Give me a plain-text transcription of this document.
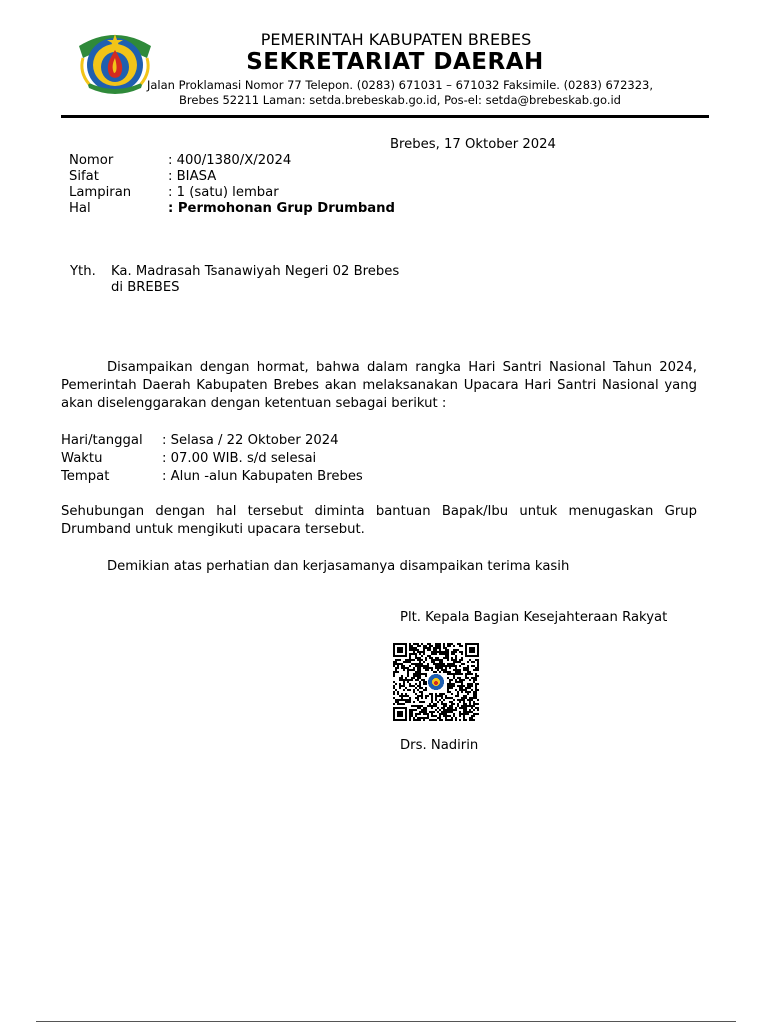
PEMERINTAH KABUPATEN BREBES
SEKRETARIAT DAERAH
Jalan Proklamasi Nomor 77 Telepon. (0283) 671031 – 671032 Faksimile. (0283) 672323,
Brebes 52211 Laman: setda.brebeskab.go.id, Pos-el: setda@brebeskab.go.id
Brebes, 17 Oktober 2024
Nomor	: 400/1380/X/2024
Sifat	: BIASA
Lampiran	: 1 (satu) lembar
Hal	: Permohonan Grup Drumband
Yth. Ka. Madrasah Tsanawiyah Negeri 02 Brebes
di BREBES
Disampaikan dengan hormat, bahwa dalam rangka Hari Santri Nasional Tahun 2024, Pemerintah Daerah Kabupaten Brebes akan melaksanakan Upacara Hari Santri Nasional yang akan diselenggarakan dengan ketentuan sebagai berikut :
Hari/tanggal : Selasa / 22 Oktober 2024
Waktu	: 07.00 WIB. s/d selesai
Tempat	: Alun -alun Kabupaten Brebes
Sehubungan dengan hal tersebut diminta bantuan Bapak/Ibu untuk menugaskan Grup Drumband untuk mengikuti upacara tersebut.
Demikian atas perhatian dan kerjasamanya disampaikan terima kasih
Plt. Kepala Bagian Kesejahteraan Rakyat
Drs. Nadirin
